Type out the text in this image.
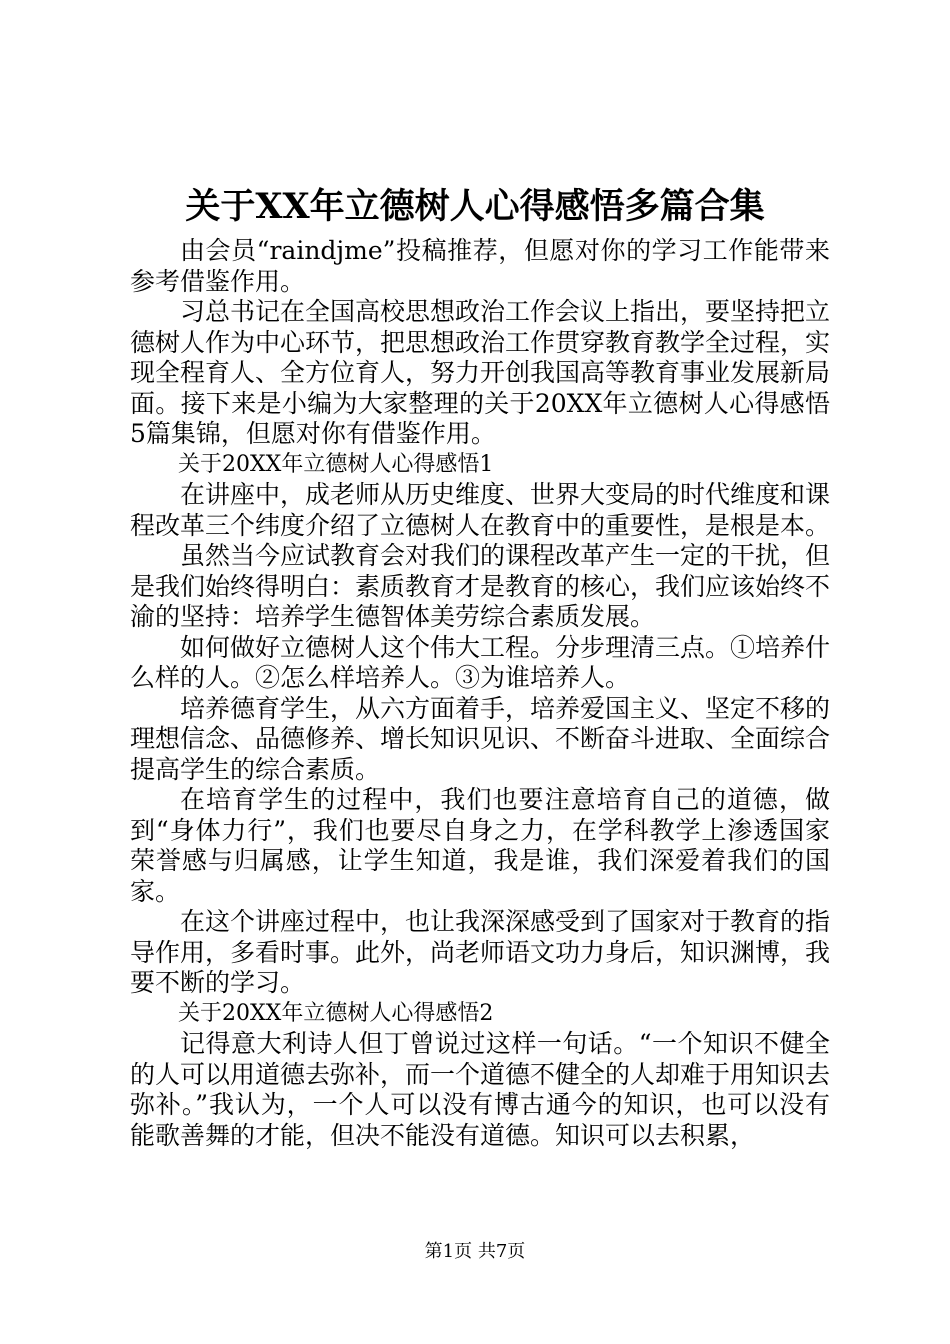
关于XX年立德树人心得感悟多篇合集

由会员“raindjme”投稿推荐，但愿对你的学习工作能带来参考借鉴作用。

习总书记在全国高校思想政治工作会议上指出，要坚持把立德树人作为中心环节，把思想政治工作贯穿教育教学全过程，实现全程育人、全方位育人，努力开创我国高等教育事业发展新局面。接下来是小编为大家整理的关于20XX年立德树人心得感悟5篇集锦，但愿对你有借鉴作用。

关于20XX年立德树人心得感悟1

在讲座中，成老师从历史维度、世界大变局的时代维度和课程改革三个纬度介绍了立德树人在教育中的重要性，是根是本。

虽然当今应试教育会对我们的课程改革产生一定的干扰，但是我们始终得明白：素质教育才是教育的核心，我们应该始终不渝的坚持：培养学生德智体美劳综合素质发展。

如何做好立德树人这个伟大工程。分步理清三点。①培养什么样的人。②怎么样培养人。③为谁培养人。

培养德育学生，从六方面着手，培养爱国主义、坚定不移的理想信念、品德修养、增长知识见识、不断奋斗进取、全面综合提高学生的综合素质。

在培育学生的过程中，我们也要注意培育自己的道德，做到“身体力行”，我们也要尽自身之力，在学科教学上渗透国家荣誉感与归属感，让学生知道，我是谁，我们深爱着我们的国家。

在这个讲座过程中，也让我深深感受到了国家对于教育的指导作用，多看时事。此外，尚老师语文功力身后，知识渊博，我要不断的学习。

关于20XX年立德树人心得感悟2

记得意大利诗人但丁曾说过这样一句话。“一个知识不健全的人可以用道德去弥补，而一个道德不健全的人却难于用知识去弥补。”我认为，一个人可以没有博古通今的知识，也可以没有能歌善舞的才能，但决不能没有道德。知识可以去积累，

第1页 共7页
